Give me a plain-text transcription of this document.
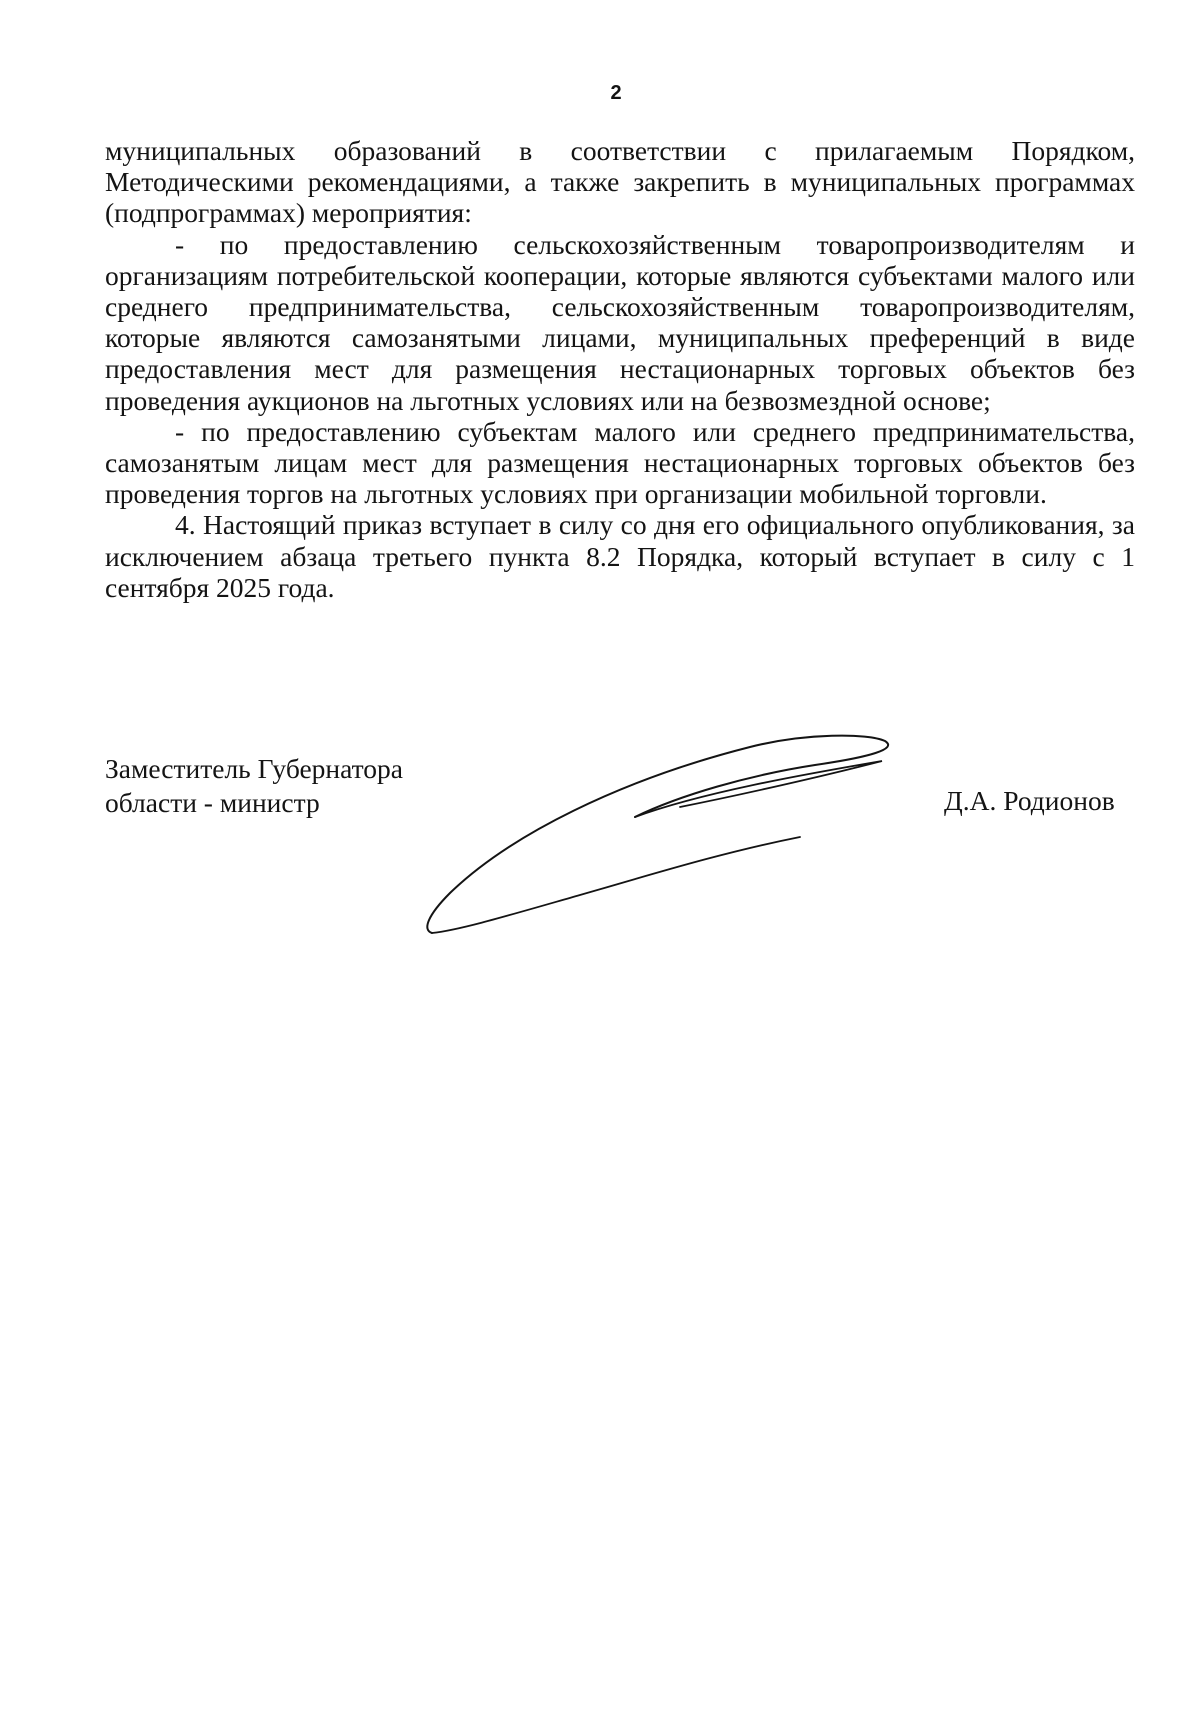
2

муниципальных образований в соответствии с прилагаемым Порядком, Методическими рекомендациями, а также закрепить в муниципальных программах (подпрограммах) мероприятия:

- по предоставлению сельскохозяйственным товаропроизводителям и организациям потребительской кооперации, которые являются субъектами малого или среднего предпринимательства, сельскохозяйственным товаропроизводителям, которые являются самозанятыми лицами, муниципальных преференций в виде предоставления мест для размещения нестационарных торговых объектов без проведения аукционов на льготных условиях или на безвозмездной основе;

- по предоставлению субъектам малого или среднего предпринимательства, самозанятым лицам мест для размещения нестационарных торговых объектов без проведения торгов на льготных условиях при организации мобильной торговли.

4. Настоящий приказ вступает в силу со дня его официального опубликования, за исключением абзаца третьего пункта 8.2 Порядка, который вступает в силу с 1 сентября 2025 года.

Заместитель Губернатора

области - министр	Д.А. Родионов
